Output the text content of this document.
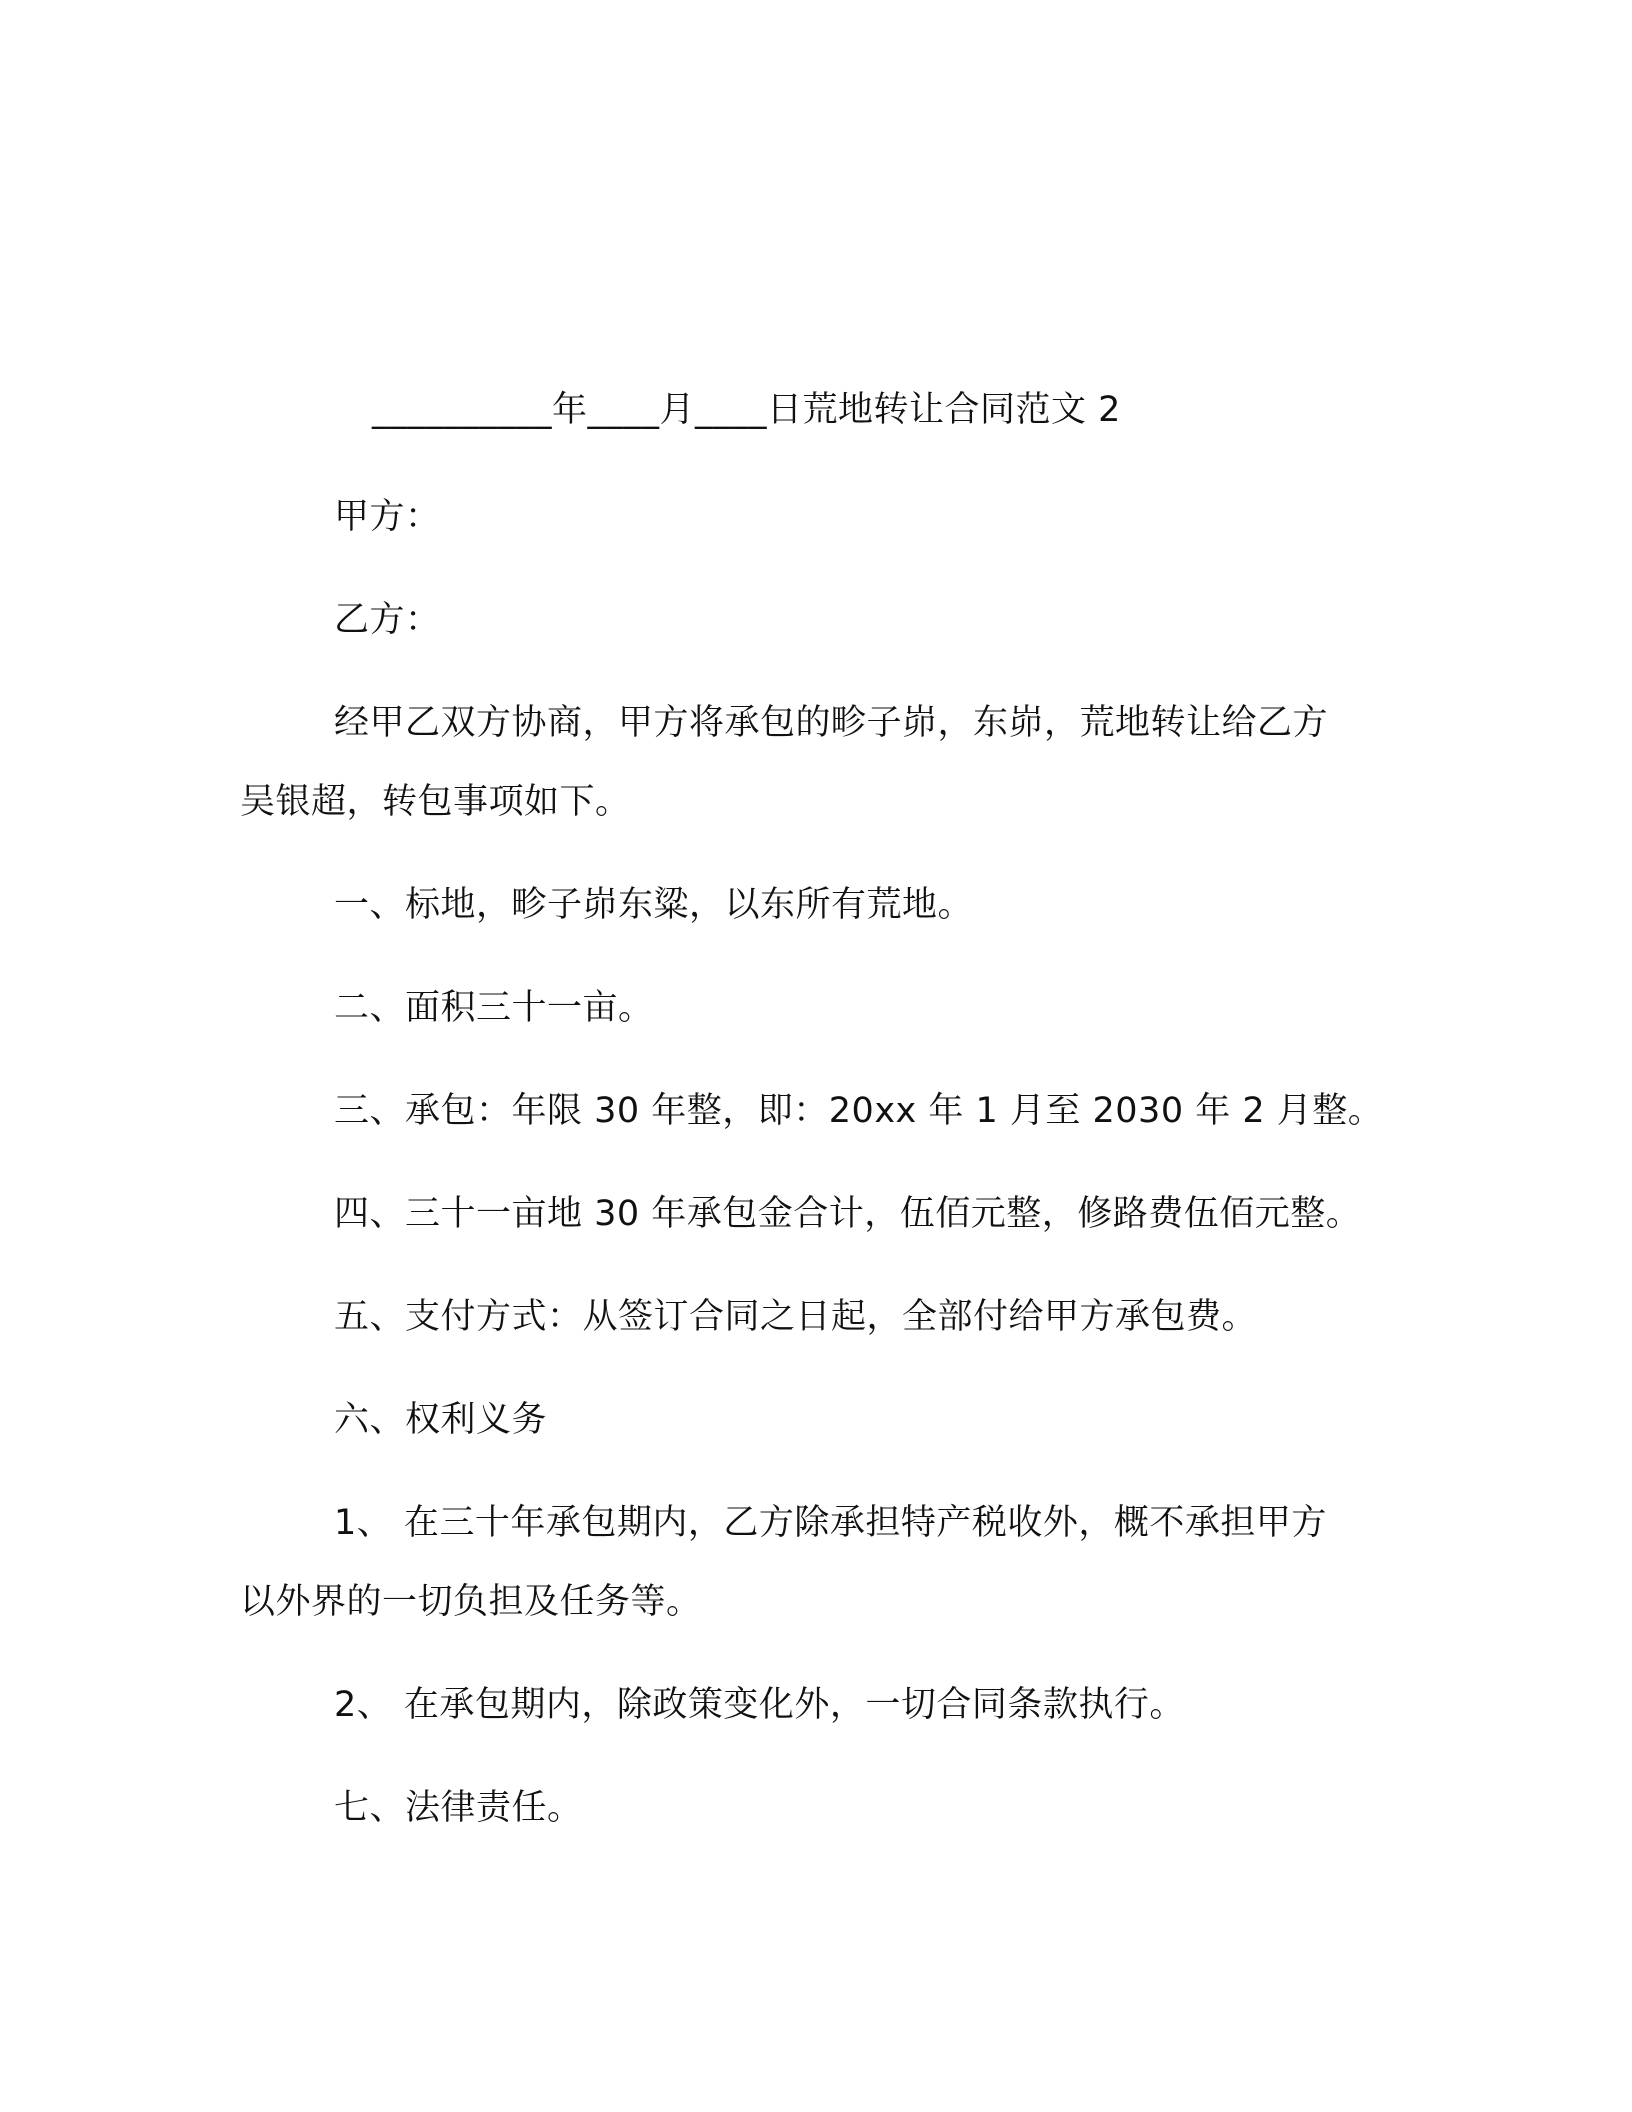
__________年____月____日荒地转让合同范文 2
甲方：
乙方：
经甲乙双方协商，甲方将承包的畛子峁，东峁，荒地转让给乙方
吴银超，转包事项如下。
一、标地，畛子峁东粱，以东所有荒地。
二、面积三十一亩。
三、承包：年限 30 年整，即：20xx 年 1 月至 2030 年 2 月整。
四、三十一亩地 30 年承包金合计，伍佰元整，修路费伍佰元整。
五、支付方式：从签订合同之日起，全部付给甲方承包费。
六、权利义务
1、 在三十年承包期内，乙方除承担特产税收外，概不承担甲方
以外界的一切负担及任务等。
2、 在承包期内，除政策变化外，一切合同条款执行。
七、法律责任。
